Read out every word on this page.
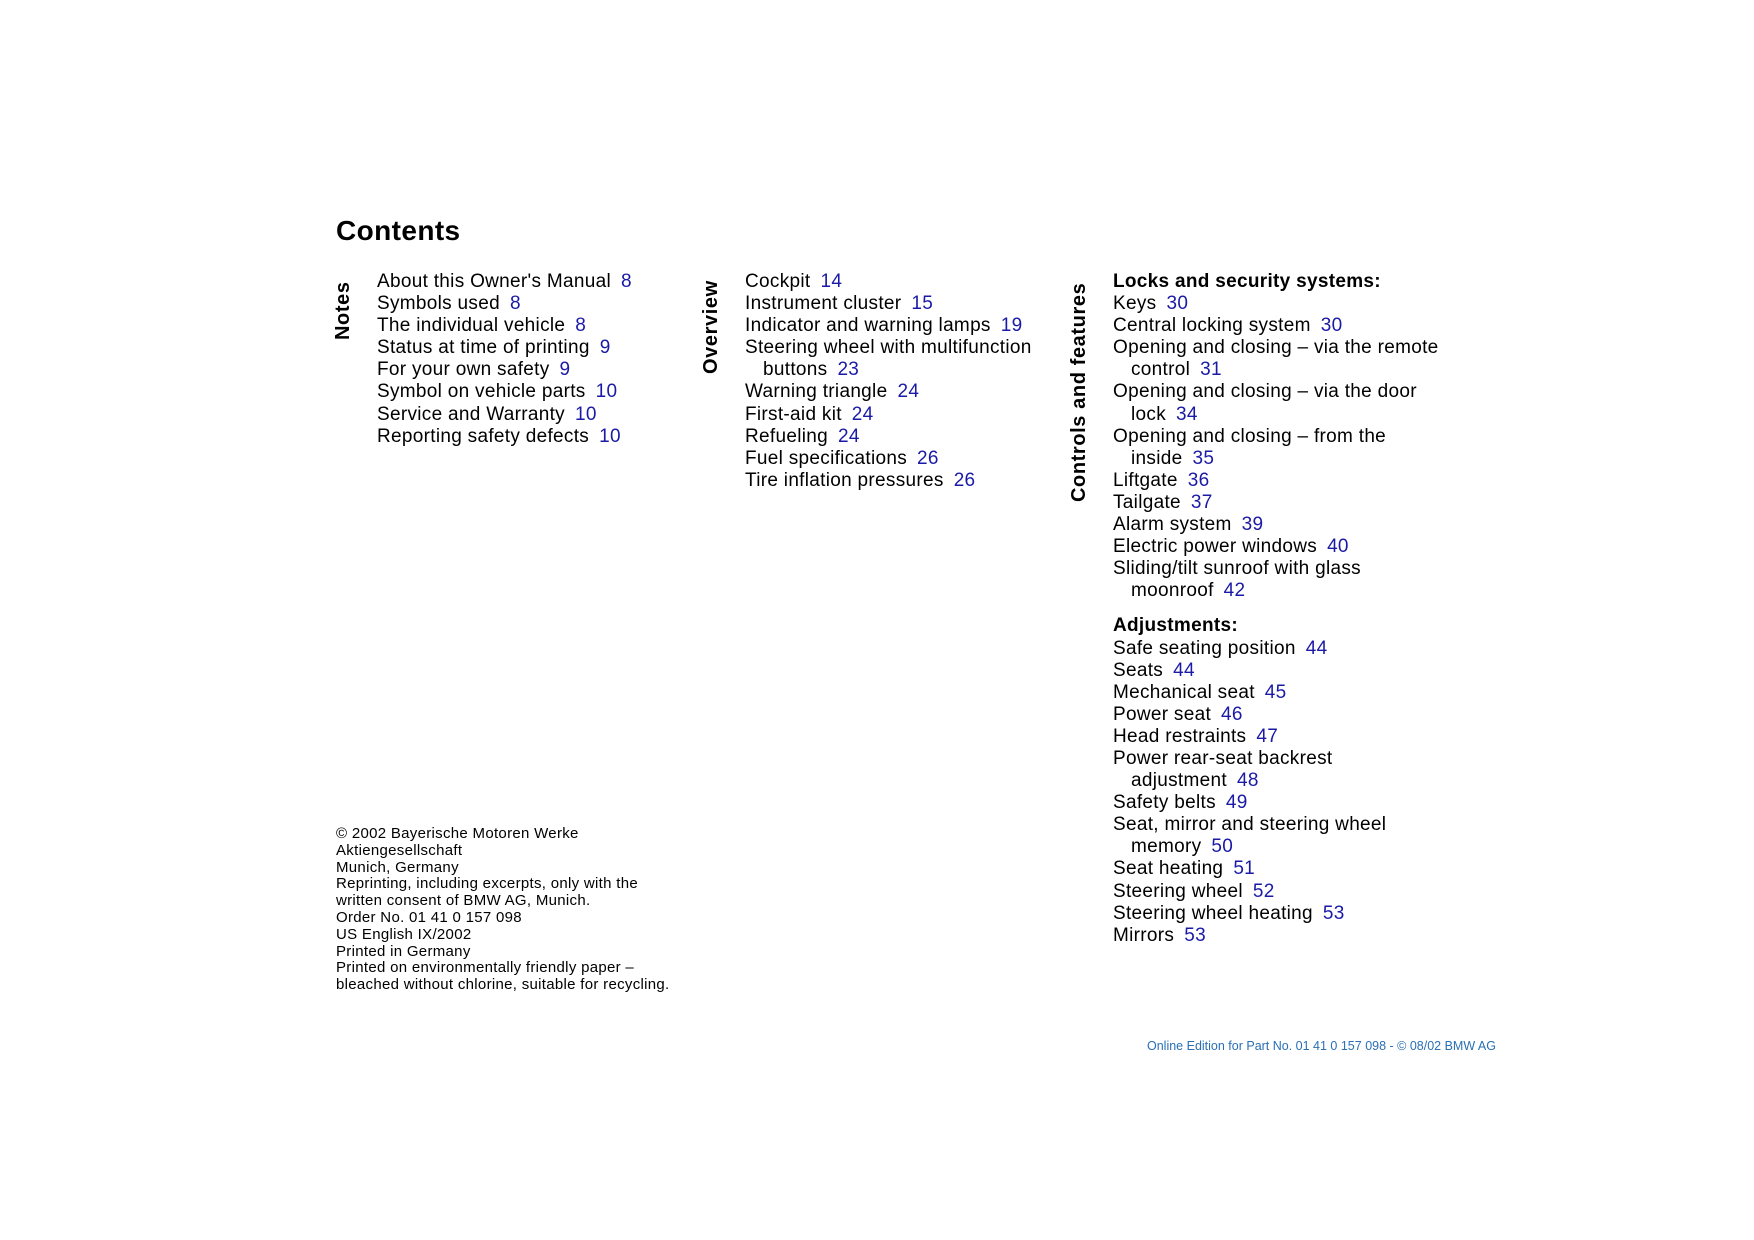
Contents
Notes	Overview	Controls and features
About this Owner's Manual 8
Symbols used 8
The individual vehicle 8
Status at time of printing 9
For your own safety 9
Symbol on vehicle parts 10
Service and Warranty 10
Reporting safety defects 10
Cockpit 14
Instrument cluster 15
Indicator and warning lamps 19
Steering wheel with multifunction buttons 23
Warning triangle 24
First-aid kit 24
Refueling 24
Fuel specifications 26
Tire inflation pressures 26
Locks and security systems:
Keys 30
Central locking system 30
Opening and closing – via the remote control 31
Opening and closing – via the door lock 34
Opening and closing – from the inside 35
Liftgate 36
Tailgate 37
Alarm system 39
Electric power windows 40
Sliding/tilt sunroof with glass moonroof 42
Adjustments:
Safe seating position 44
Seats 44
Mechanical seat 45
Power seat 46
Head restraints 47
Power rear-seat backrest adjustment 48
Safety belts 49
Seat, mirror and steering wheel memory 50
Seat heating 51
Steering wheel 52
Steering wheel heating 53
Mirrors 53
© 2002 Bayerische Motoren Werke
Aktiengesellschaft
Munich, Germany
Reprinting, including excerpts, only with the
written consent of BMW AG, Munich.
Order No. 01 41 0 157 098
US English IX/2002
Printed in Germany
Printed on environmentally friendly paper –
bleached without chlorine, suitable for recycling.
Online Edition for Part No. 01 41 0 157 098 - © 08/02 BMW AG
